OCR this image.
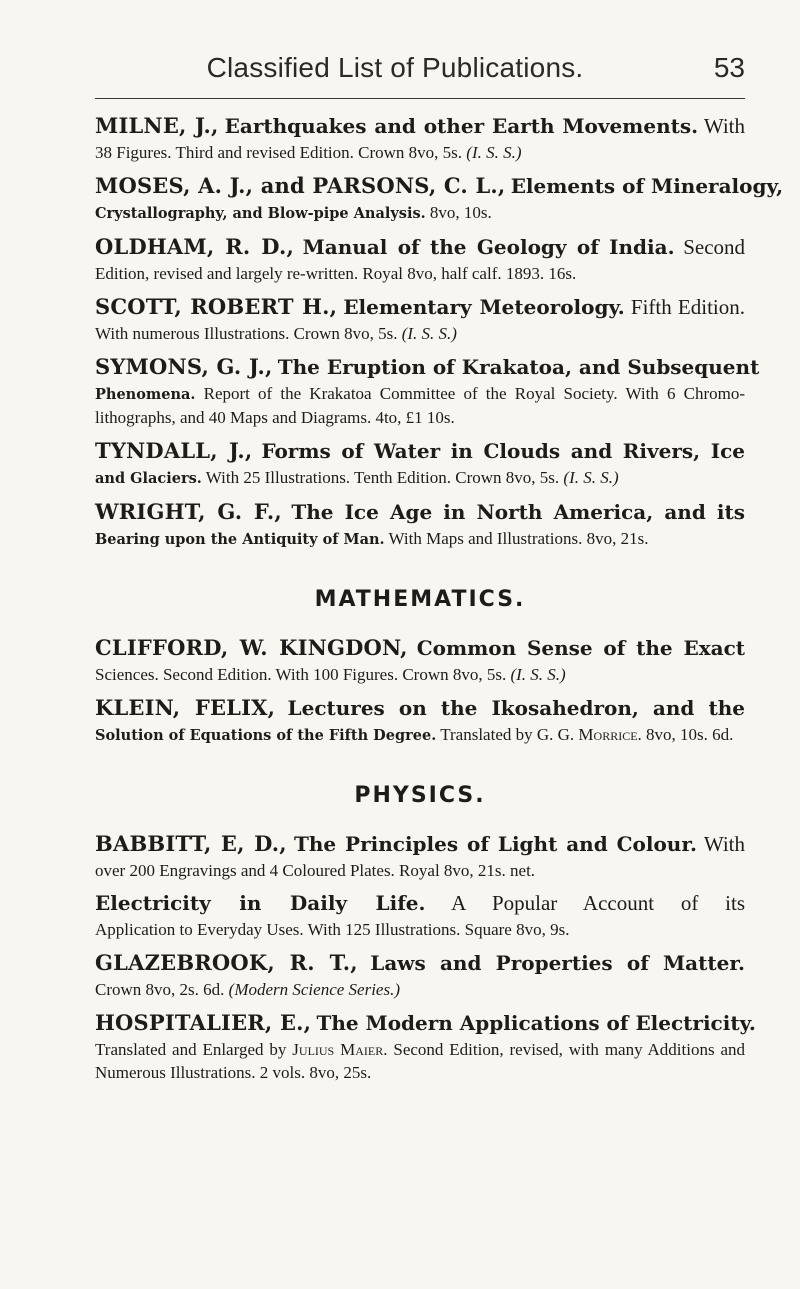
Classified List of Publications.	53
MILNE, J., Earthquakes and other Earth Movements. With
38 Figures. Third and revised Edition. Crown 8vo, 5s. (I. S. S.)
MOSES, A. J., and PARSONS, C. L., Elements of Mineralogy,
Crystallography, and Blow-pipe Analysis. 8vo, 10s.
OLDHAM, R. D., Manual of the Geology of India. Second
Edition, revised and largely re-written. Royal 8vo, half calf. 1893. 16s.
SCOTT, ROBERT H., Elementary Meteorology. Fifth Edition.
With numerous Illustrations. Crown 8vo, 5s. (I. S. S.)
SYMONS, G. J., The Eruption of Krakatoa, and Subsequent
Phenomena. Report of the Krakatoa Committee of the Royal Society. With 6 Chromo-lithographs, and 40 Maps and Diagrams. 4to, £1 10s.
TYNDALL, J., Forms of Water in Clouds and Rivers, Ice
and Glaciers. With 25 Illustrations. Tenth Edition. Crown 8vo, 5s. (I. S. S.)
WRIGHT, G. F., The Ice Age in North America, and its
Bearing upon the Antiquity of Man. With Maps and Illustrations. 8vo, 21s.
MATHEMATICS.
CLIFFORD, W. KINGDON, Common Sense of the Exact
Sciences. Second Edition. With 100 Figures. Crown 8vo, 5s. (I. S. S.)
KLEIN, FELIX, Lectures on the Ikosahedron, and the
Solution of Equations of the Fifth Degree. Translated by G. G. Morrice. 8vo, 10s. 6d.
PHYSICS.
BABBITT, E, D., The Principles of Light and Colour. With
over 200 Engravings and 4 Coloured Plates. Royal 8vo, 21s. net.
Electricity in Daily Life. A Popular Account of its
Application to Everyday Uses. With 125 Illustrations. Square 8vo, 9s.
GLAZEBROOK, R. T., Laws and Properties of Matter.
Crown 8vo, 2s. 6d. (Modern Science Series.)
HOSPITALIER, E., The Modern Applications of Electricity.
Translated and Enlarged by Julius Maier. Second Edition, revised, with many Additions and Numerous Illustrations. 2 vols. 8vo, 25s.
